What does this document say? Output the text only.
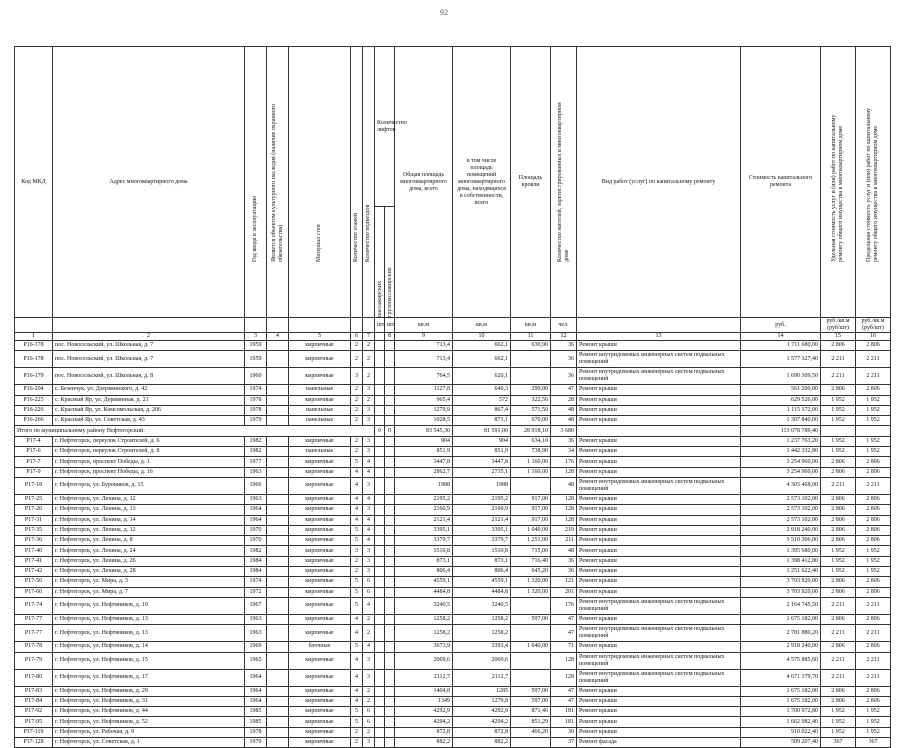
92
Код МКД	Адрес многоквартирного дома	Год ввода в эксплуатацию	Является объектом культурного наследия (наличие охранного обязательства)	Материал стен	Количество этажей	Количество подъездов	Количество лифтов		Общая площадь многоквартирного дома, всего	в том числе площадь помещений многоквартирного дома, находящихся в собственности, всего	Площадь кровли	Количество жителей, зарегистрированных в многоквартирном доме	Вид работ (услуг) по капитальному ремонту	Стоимость капитального ремонта	Удельная стоимость услуг и (или) работ по капитальному ремонту общего имущества в многоквартирном доме	Предельная стоимость услуг и (или) работ по капитальному ремонту общего имущества в многоквартирном доме

							пассажирских	грузопассажирских								

							шт.	шт.	кв.м	кв.м	кв.м	чел.		руб.	руб./кв.м (руб/шт)	руб./кв.м (руб/шт)
1	2	3	4	5	6	7		8	9	10	11	12	13	14	15	16
Р16-178	пос. Новосельский, ул. Школьная, д. 7	1959		кирпичные	2	2			713,4	662,1	630,90	36	Ремонт крыши	1 711 680,00	2 806	2 806
Р16-178	пос. Новосельский, ул. Школьная, д. 7	1959		кирпичные	2	2			713,4	662,1		36	Ремонт внутридомовых инженерных систем подвальных помещений	1 577 327,40	2 211	2 211
Р16-179	пос. Новосельский, ул. Школьная, д. 8	1960		кирпичные	3	2			764,5	620,1		36	Ремонт внутридомовых инженерных систем подвальных помещений	1 690 309,50	2 211	2 211
Р16-204	с. Безенчук, ул. Дзержинского, д. 42	1974		панельные	2	3			1127,8	640,3	299,00	47	Ремонт крыши	561 200,00	2 806	2 806
Р16-225	с. Красный Яр, ул. Деревянная, д. 21	1978		кирпичные	2	2			965,4	572	322,50	28	Ремонт крыши	629 526,00	1 952	1 952
Р16-226	с. Красный Яр, ул. Комсомольская, д. 206	1978		панельные	2	3			1279,9	867,4	571,50	48	Ремонт крыши	1 115 172,00	1 952	1 952
Р16-266	с. Красный Яр, ул. Советская, д. 43	1979		панельные	2	3			1028,5	871,1	670,00	48	Ремонт крыши	1 307 840,00	1 952	1 952
Итого по муниципальному району Нефтегорский:							0	0	83 545,30	81 591,00	28 918,10	3 680		113 078 789,40		
Р17-4	г. Нефтегорск, переулок Строителей, д. 6	1982		кирпичные	2	3			904	904	634,10	36	Ремонт крыши	1 237 763,20	1 952	1 952
Р17-6	г. Нефтегорск, переулок Строителей, д. 8	1982		панельные	2	3			851,9	851,9	738,90	34	Ремонт крыши	1 442 332,80	1 952	1 952
Р17-7	г. Нефтегорск, проспект Победы, д. 1	1977		кирпичные	5	4			3447,8	3447,8	1 160,00	176	Ремонт крыши	3 254 960,00	2 806	2 806
Р17-9	г. Нефтегорск, проспект Победы, д. 16	1963		кирпичные	4	4			2862,7	2735,1	1 160,00	128	Ремонт крыши	3 254 960,00	2 806	2 806
Р17-18	г. Нефтегорск, ул. Буровиков, д. 15	1966		кирпичные	4	3			1988	1988		48	Ремонт внутридомовых инженерных систем подвальных помещений	4 305 468,00	2 211	2 211
Р17-25	г. Нефтегорск, ул. Ленина, д. 12	1963		кирпичные	4	4			2195,2	2195,2	917,00	128	Ремонт крыши	2 573 102,00	2 806	2 806
Р17-26	г. Нефтегорск, ул. Ленина, д. 13	1964		кирпичные	4	3			2160,9	2160,9	917,00	128	Ремонт крыши	2 573 102,00	2 806	2 806
Р17-31	г. Нефтегорск, ул. Ленина, д. 14	1964		кирпичные	4	4			2121,4	2121,4	917,00	128	Ремонт крыши	2 573 102,00	2 806	2 806
Р17-35	г. Нефтегорск, ул. Ленина, д. 12	1970		кирпичные	5	4			3395,1	3395,1	1 040,00	219	Ремонт крыши	2 918 240,00	2 806	2 806
Р17-36	г. Нефтегорск, ул. Ленина, д. 8	1970		кирпичные	5	4			3379,7	3379,7	1 251,00	211	Ремонт крыши	3 510 306,00	2 806	2 806
Р17-40	г. Нефтегорск, ул. Ленина, д. 24	1982		кирпичные	3	3			1510,8	1510,8	715,00	48	Ремонт крыши	1 395 680,00	1 952	1 952
Р17-41	г. Нефтегорск, ул. Ленина, д. 26	1984		кирпичные	2	3			873,1	873,1	716,40	36	Ремонт крыши	1 398 412,80	1 952	1 952
Р17-42	г. Нефтегорск, ул. Ленина, д. 28	1984		кирпичные	2	3			806,4	806,4	645,20	36	Ремонт крыши	1 251 622,40	1 952	1 952
Р17-56	г. Нефтегорск, ул. Мира, д. 3	1974		кирпичные	5	6			4559,1	4559,1	1 320,00	121	Ремонт крыши	3 703 920,00	2 806	2 806
Р17-60	г. Нефтегорск, ул. Мира, д. 7	1972		кирпичные	5	6			4484,8	4484,8	1 320,00	201	Ремонт крыши	3 703 920,00	2 806	2 806
Р17-74	г. Нефтегорск, ул. Нефтяников, д. 10	1967		кирпичные	5	4			3240,5	3240,5		176	Ремонт внутридомовых инженерных систем подвальных помещений	2 164 745,50	2 211	2 211
Р17-77	г. Нефтегорск, ул. Нефтяников, д. 13	1963		кирпичные	4	2			1258,2	1258,2	597,00	47	Ремонт крыши	1 675 182,00	2 806	2 806
Р17-77	г. Нефтегорск, ул. Нефтяников, д. 13	1963		кирпичные	4	2			1258,2	1258,2		47	Ремонт внутридомовых инженерных систем подвальных помещений	2 781 880,20	2 211	2 211
Р17-78	г. Нефтегорск, ул. Нефтяников, д. 14	1969		блочные	5	4			3673,9	3393,4	1 040,00	71	Ремонт крыши	2 918 240,00	2 806	2 806
Р17-79	г. Нефтегорск, ул. Нефтяников, д. 15	1965		кирпичные	4	3			2069,6	2069,6		128	Ремонт внутридомовых инженерных систем подвальных помещений	4 575 885,60	2 211	2 211
Р17-80	г. Нефтегорск, ул. Нефтяников, д. 17	1964		кирпичные	4	3			2112,7	2112,7		128	Ремонт внутридомовых инженерных систем подвальных помещений	4 671 179,70	2 211	2 211
Р17-83	г. Нефтегорск, ул. Нефтяников, д. 29	1964		кирпичные	4	2			1404,8	1285	597,00	47	Ремонт крыши	1 675 182,00	2 806	2 806
Р17-84	г. Нефтегорск, ул. Нефтяников, д. 31	1964		кирпичные	4	2			1349	1279,8	597,00	47	Ремонт крыши	1 675 182,00	2 806	2 806
Р17-92	г. Нефтегорск, ул. Нефтяников, д. 44	1985		кирпичные	5	6			4292,9	4292,9	871,46	181	Ремонт крыши	1 700 972,80	1 952	1 952
Р17-95	г. Нефтегорск, ул. Нефтяников, д. 52	1985		кирпичные	5	6			4294,2	4294,2	851,29	181	Ремонт крыши	1 662 982,40	1 952	1 952
Р17-119	г. Нефтегорск, ул. Рабочая, д. 9	1978		кирпичные	2	2			872,8	872,8	466,20	30	Ремонт крыши	910 022,40	1 952	1 952
Р17-128	г. Нефтегорск, ул. Советская, д. 1	1979		кирпичные	2	3			882,2	882,2		37	Ремонт фасада	509 207,40	367	367
